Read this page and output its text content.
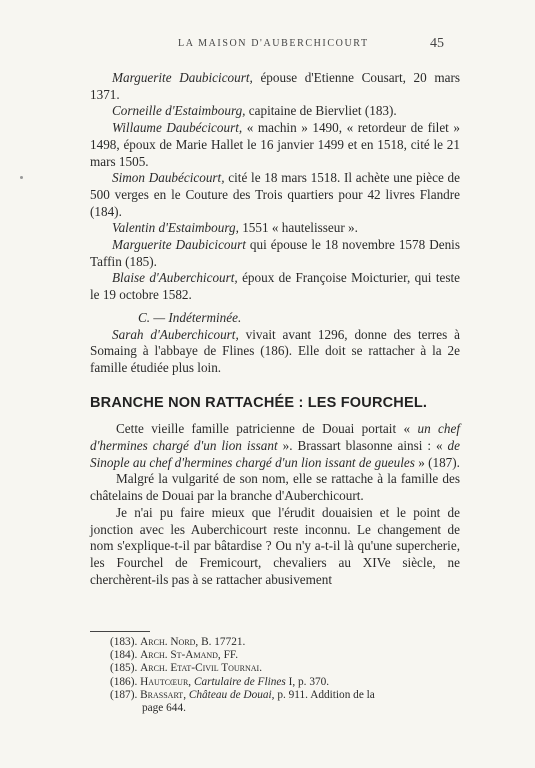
LA MAISON D'AUBERCHICOURT	45

Marguerite Daubicicourt, épouse d'Etienne Cousart, 20 mars 1371.

Corneille d'Estaimbourg, capitaine de Biervliet (183).

Willaume Daubécicourt, « machin » 1490, « retordeur de filet » 1498, époux de Marie Hallet le 16 janvier 1499 et en 1518, cité le 21 mars 1505.

Simon Daubécicourt, cité le 18 mars 1518. Il achète une pièce de 500 verges en le Couture des Trois quartiers pour 42 livres Flandre (184).

Valentin d'Estaimbourg, 1551 « hautelisseur ».

Marguerite Daubicicourt qui épouse le 18 novembre 1578 Denis Taffin (185).

Blaise d'Auberchicourt, époux de Françoise Moicturier, qui teste le 19 octobre 1582.

C. — Indéterminée.

Sarah d'Auberchicourt, vivait avant 1296, donne des terres à Somaing à l'abbaye de Flines (186). Elle doit se rattacher à la 2e famille étudiée plus loin.

BRANCHE NON RATTACHÉE : LES FOURCHEL.

Cette vieille famille patricienne de Douai portait « un chef d'hermines chargé d'un lion issant ». Brassart blasonne ainsi : « de Sinople au chef d'hermines chargé d'un lion issant de gueules » (187).

Malgré la vulgarité de son nom, elle se rattache à la famille des châtelains de Douai par la branche d'Auberchicourt.

Je n'ai pu faire mieux que l'érudit douaisien et le point de jonction avec les Auberchicourt reste inconnu. Le changement de nom s'explique-t-il par bâtardise ? Ou n'y a-t-il là qu'une supercherie, les Fourchel de Fremicourt, chevaliers au XIVe siècle, ne cherchèrent-ils pas à se rattacher abusivement

(183). Arch. Nord, B. 17721.

(184). Arch. St-Amand, FF.

(185). Arch. Etat-Civil Tournai.

(186). Hautcœur, Cartulaire de Flines I, p. 370.

(187). Brassart, Château de Douai, p. 911. Addition de la
page 644.
